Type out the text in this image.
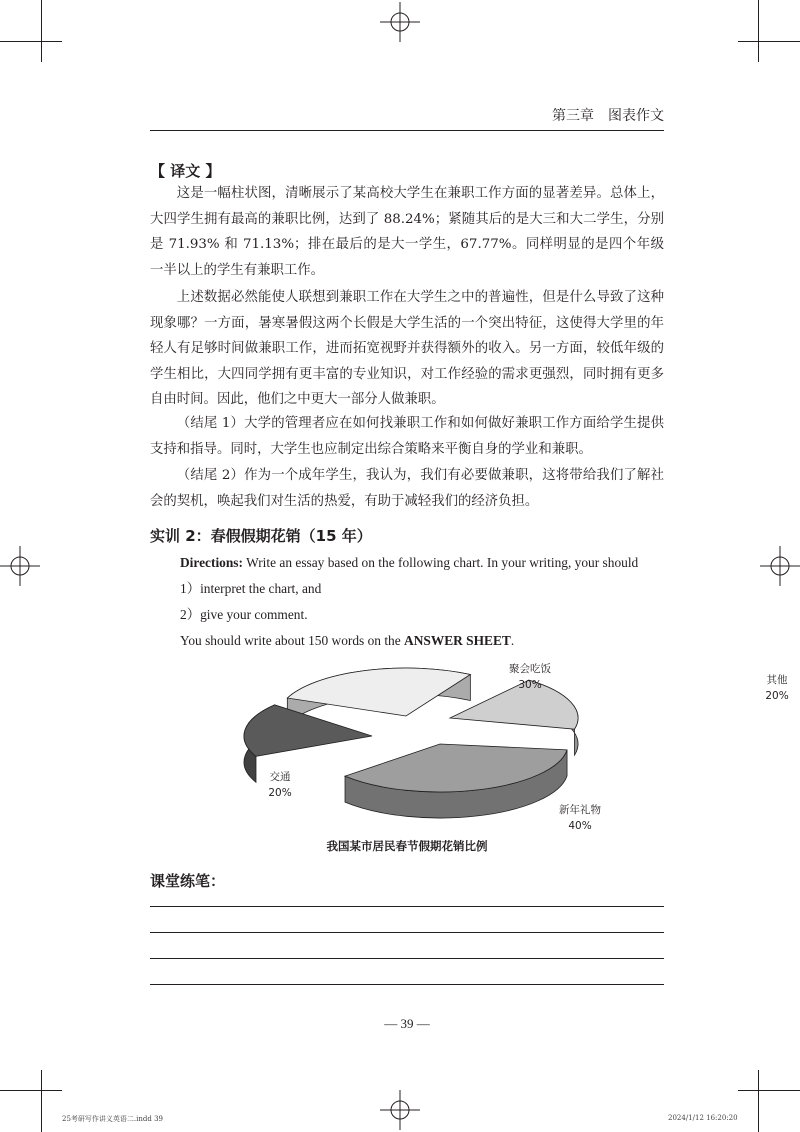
第三章　图表作文
【 译文 】

这是一幅柱状图，清晰展示了某高校大学生在兼职工作方面的显著差异。总体上，大四学生拥有最高的兼职比例，达到了 88.24%；紧随其后的是大三和大二学生，分别是 71.93% 和 71.13%；排在最后的是大一学生，67.77%。同样明显的是四个年级一半以上的学生有兼职工作。

上述数据必然能使人联想到兼职工作在大学生之中的普遍性，但是什么导致了这种现象哪？一方面，暑寒暑假这两个长假是大学生活的一个突出特征，这使得大学里的年轻人有足够时间做兼职工作，进而拓宽视野并获得额外的收入。另一方面，较低年级的学生相比，大四同学拥有更丰富的专业知识，对工作经验的需求更强烈，同时拥有更多自由时间。因此，他们之中更大一部分人做兼职。

（结尾 1）大学的管理者应在如何找兼职工作和如何做好兼职工作方面给学生提供支持和指导。同时，大学生也应制定出综合策略来平衡自身的学业和兼职。

（结尾 2）作为一个成年学生，我认为，我们有必要做兼职，这将带给我们了解社会的契机，唤起我们对生活的热爱，有助于减轻我们的经济负担。

实训 2：春假假期花销（15 年）

Directions: Write an essay based on the following chart. In your writing, your should

1）interpret the chart, and

2）give your comment.

You should write about 150 words on the ANSWER SHEET.

聚会吃饭
30%	其他
20%
交通
20%
新年礼物
40%
我国某市居民春节假期花销比例
课堂练笔：
— 39 —
25考研写作讲义英语二.indd 39	2024/1/12 16:20:20
